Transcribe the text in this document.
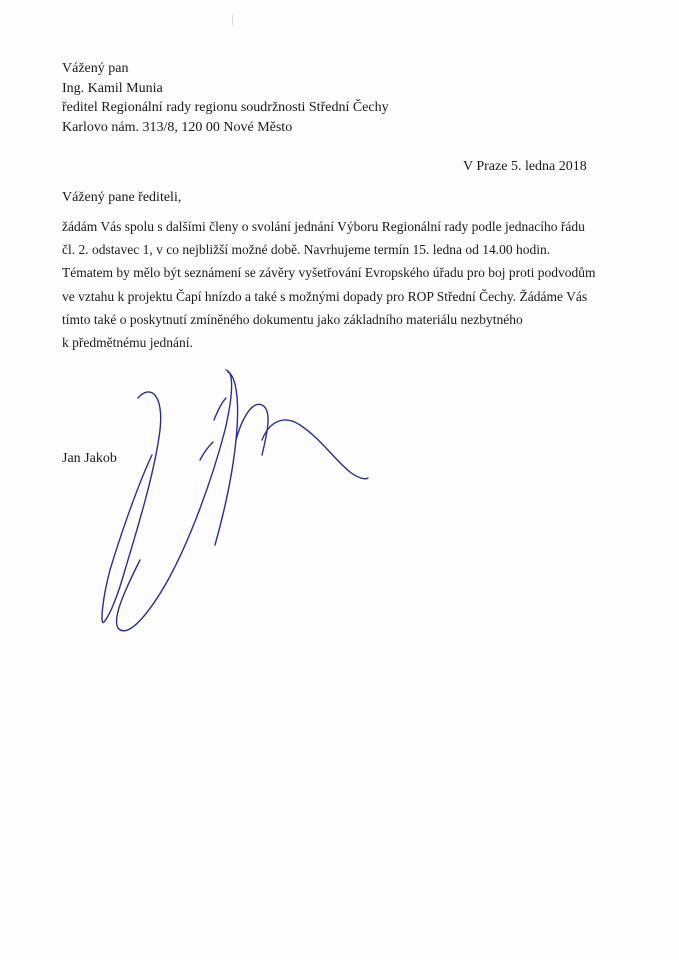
Vážený pan
Ing. Kamil Munia
ředitel Regionální rady regionu soudržnosti Střední Čechy
Karlovo nám. 313/8, 120 00 Nové Město
V Praze 5. ledna 2018
Vážený pane řediteli,
žádám Vás spolu s dalšími členy o svolání jednání Výboru Regionální rady podle jednacího řádu
čl. 2. odstavec 1, v co nejbližší možné době. Navrhujeme termín 15. ledna od 14.00 hodin.
Tématem by mělo být seznámení se závěry vyšetřování Evropského úřadu pro boj proti podvodům
ve vztahu k projektu Čapí hnízdo a také s možnými dopady pro ROP Střední Čechy. Žádáme Vás
tímto také o poskytnutí zmíněného dokumentu jako základního materiálu nezbytného
k předmětnému jednání.
Jan Jakob
